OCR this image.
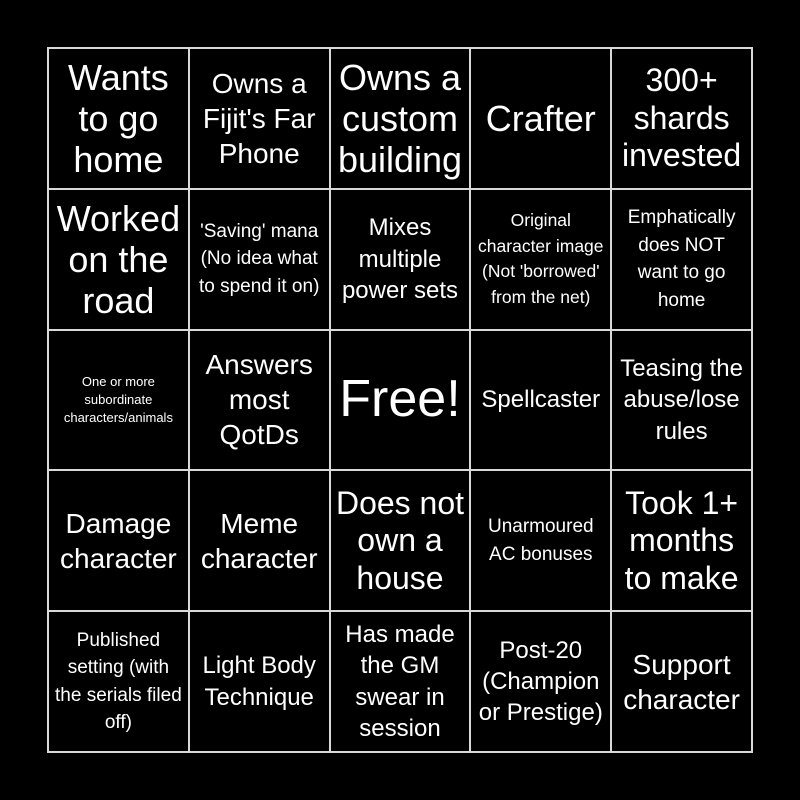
Wants to go home
Owns a Fijit's Far Phone
Owns a custom building
Crafter
300+ shards invested
Worked on the road
'Saving' mana (No idea what to spend it on)
Mixes multiple power sets
Original character image (Not 'borrowed' from the net)
Emphatically does NOT want to go home
One or more subordinate characters/animals
Answers most QotDs
Free! Spellcaster
Teasing the abuse/lose rules
Damage character
Meme character
Does not own a house
Unarmoured AC bonuses
Took 1+ months to make
Published setting (with the serials filed off)
Light Body Technique
Has made the GM swear in session
Post-20 (Champion or Prestige)
Support character
